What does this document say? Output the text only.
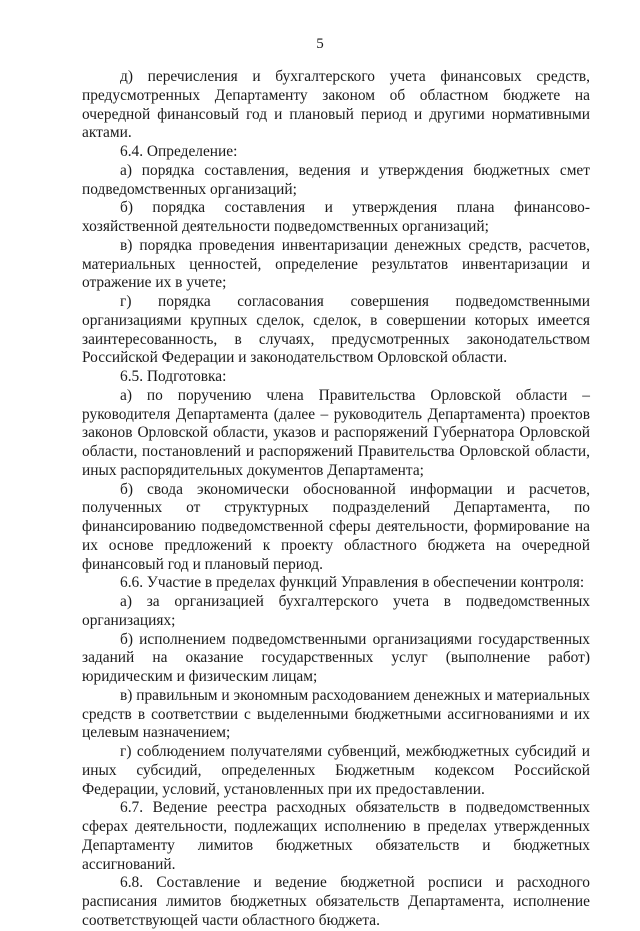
5

д) перечисления и бухгалтерского учета финансовых средств, предусмотренных Департаменту законом об областном бюджете на очередной финансовый год и плановый период и другими нормативными актами.

6.4. Определение:

а) порядка составления, ведения и утверждения бюджетных смет подведомственных организаций;

б) порядка составления и утверждения плана финансово-хозяйственной деятельности подведомственных организаций;

в) порядка проведения инвентаризации денежных средств, расчетов, материальных ценностей, определение результатов инвентаризации и отражение их в учете;

г) порядка согласования совершения подведомственными организациями крупных сделок, сделок, в совершении которых имеется заинтересованность, в случаях, предусмотренных законодательством Российской Федерации и законодательством Орловской области.

6.5. Подготовка:

а) по поручению члена Правительства Орловской области – руководителя Департамента (далее – руководитель Департамента) проектов законов Орловской области, указов и распоряжений Губернатора Орловской области, постановлений и распоряжений Правительства Орловской области, иных распорядительных документов Департамента;

б) свода экономически обоснованной информации и расчетов, полученных от структурных подразделений Департамента, по финансированию подведомственной сферы деятельности, формирование на их основе предложений к проекту областного бюджета на очередной финансовый год и плановый период.

6.6. Участие в пределах функций Управления в обеспечении контроля:

а) за организацией бухгалтерского учета в подведомственных организациях;

б) исполнением подведомственными организациями государственных заданий на оказание государственных услуг (выполнение работ) юридическим и физическим лицам;

в) правильным и экономным расходованием денежных и материальных средств в соответствии с выделенными бюджетными ассигнованиями и их целевым назначением;

г) соблюдением получателями субвенций, межбюджетных субсидий и иных субсидий, определенных Бюджетным кодексом Российской Федерации, условий, установленных при их предоставлении.

6.7. Ведение реестра расходных обязательств в подведомственных сферах деятельности, подлежащих исполнению в пределах утвержденных Департаменту лимитов бюджетных обязательств и бюджетных ассигнований.

6.8. Составление и ведение бюджетной росписи и расходного расписания лимитов бюджетных обязательств Департамента, исполнение соответствующей части областного бюджета.
